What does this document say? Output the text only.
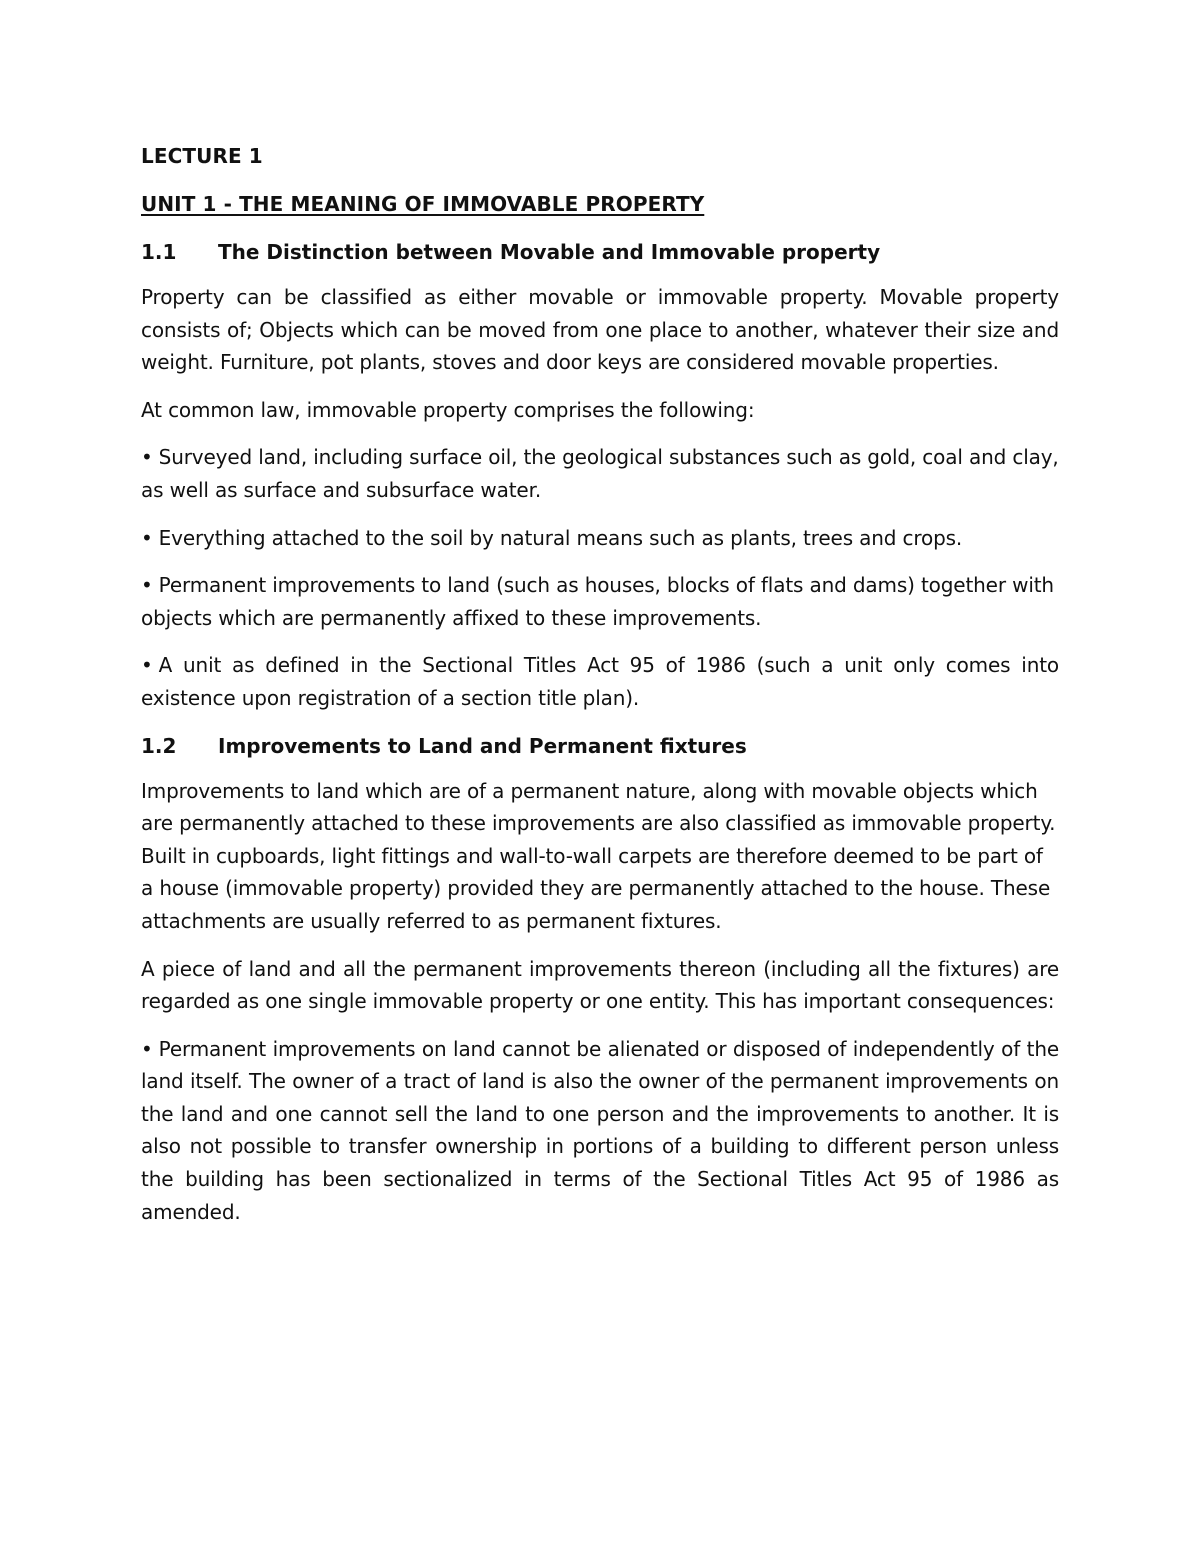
LECTURE 1
UNIT 1 - THE MEANING OF IMMOVABLE PROPERTY
1.1	The Distinction between Movable and Immovable property

Property can be classified as either movable or immovable property. Movable property consists of; Objects which can be moved from one place to another, whatever their size and weight. Furniture, pot plants, stoves and door keys are considered movable properties.

At common law, immovable property comprises the following:

• Surveyed land, including surface oil, the geological substances such as gold, coal and clay, as well as surface and subsurface water.

• Everything attached to the soil by natural means such as plants, trees and crops.

• Permanent improvements to land (such as houses, blocks of flats and dams) together with objects which are permanently affixed to these improvements.

• A unit as defined in the Sectional Titles Act 95 of 1986 (such a unit only comes into existence upon registration of a section title plan).

1.2	Improvements to Land and Permanent fixtures

Improvements to land which are of a permanent nature, along with movable objects which are permanently attached to these improvements are also classified as immovable property. Built in cupboards, light fittings and wall-to-wall carpets are therefore deemed to be part of a house (immovable property) provided they are permanently attached to the house. These attachments are usually referred to as permanent fixtures.

A piece of land and all the permanent improvements thereon (including all the fixtures) are regarded as one single immovable property or one entity. This has important consequences:

• Permanent improvements on land cannot be alienated or disposed of independently of the land itself. The owner of a tract of land is also the owner of the permanent improvements on the land and one cannot sell the land to one person and the improvements to another. It is also not possible to transfer ownership in portions of a building to different person unless the building has been sectionalized in terms of the Sectional Titles Act 95 of 1986 as amended.
